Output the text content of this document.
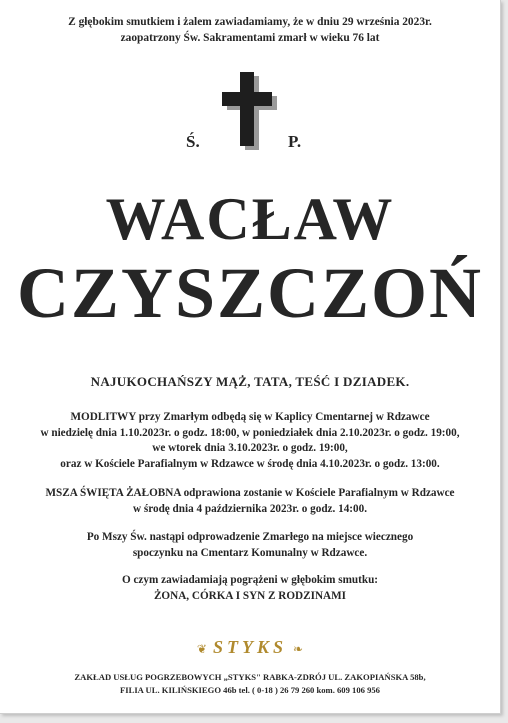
Z głębokim smutkiem i żalem zawiadamiamy, że w dniu 29 września 2023r.
zaopatrzony Św. Sakramentami zmarł w wieku 76 lat
Ś.	P.
WACŁAW
CZYSZCZOŃ
NAJUKOCHAŃSZY MĄŻ, TATA, TEŚĆ I DZIADEK.
MODLITWY przy Zmarłym odbędą się w Kaplicy Cmentarnej w Rdzawce
w niedzielę dnia 1.10.2023r. o godz. 18:00, w poniedziałek dnia 2.10.2023r. o godz. 19:00,
we wtorek dnia 3.10.2023r. o godz. 19:00,
oraz w Kościele Parafialnym w Rdzawce w środę dnia 4.10.2023r. o godz. 13:00.
MSZA ŚWIĘTA ŻAŁOBNA odprawiona zostanie w Kościele Parafialnym w Rdzawce
w środę dnia 4 października 2023r. o godz. 14:00.
Po Mszy Św. nastąpi odprowadzenie Zmarłego na miejsce wiecznego
spoczynku na Cmentarz Komunalny w Rdzawce.
O czym zawiadamiają pogrążeni w głębokim smutku:
ŻONA, CÓRKA I SYN Z RODZINAMI
❦ STYKS ❧
ZAKŁAD USŁUG POGRZEBOWYCH „STYKS" RABKA-ZDRÓJ UL. ZAKOPIAŃSKA 58b,
FILIA UL. KILIŃSKIEGO 46b tel. ( 0-18 ) 26 79 260 kom. 609 106 956
